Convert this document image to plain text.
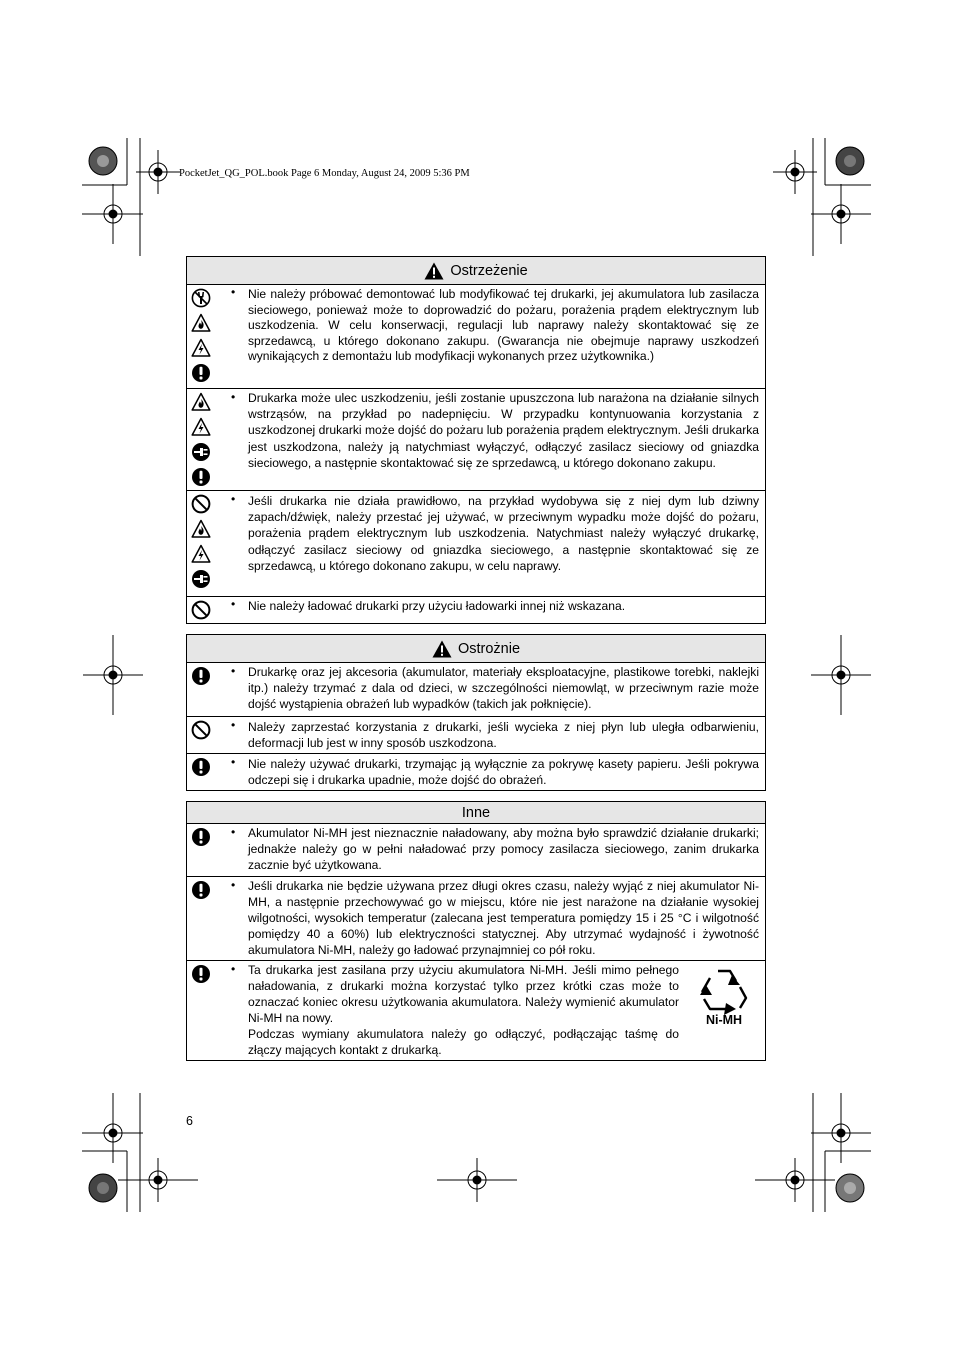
PocketJet_QG_POL.book Page 6 Monday, August 24, 2009 5:36 PM
Ostrzeżenie

• Nie należy próbować demontować lub modyfikować tej drukarki, jej akumulatora lub zasilacza sieciowego, ponieważ może to doprowadzić do pożaru, porażenia prądem elektrycznym lub uszkodzenia. W celu konserwacji, regulacji lub naprawy należy skontaktować się ze sprzedawcą, u którego dokonano zakupu. (Gwarancja nie obejmuje naprawy uszkodzeń wynikających z demontażu lub modyfikacji wykonanych przez użytkownika.)

• Drukarka może ulec uszkodzeniu, jeśli zostanie upuszczona lub narażona na działanie silnych wstrząsów, na przykład po nadepnięciu. W przypadku kontynuowania korzystania z uszkodzonej drukarki może dojść do pożaru lub porażenia prądem elektrycznym. Jeśli drukarka jest uszkodzona, należy ją natychmiast wyłączyć, odłączyć zasilacz sieciowy od gniazdka sieciowego, a następnie skontaktować się ze sprzedawcą, u którego dokonano zakupu.

• Jeśli drukarka nie działa prawidłowo, na przykład wydobywa się z niej dym lub dziwny zapach/dźwięk, należy przestać jej używać, w przeciwnym wypadku może dojść do pożaru, porażenia prądem elektrycznym lub uszkodzenia. Natychmiast należy wyłączyć drukarkę, odłączyć zasilacz sieciowy od gniazdka sieciowego, a następnie skontaktować się ze sprzedawcą, u którego dokonano zakupu, w celu naprawy.

• Nie należy ładować drukarki przy użyciu ładowarki innej niż wskazana.

Ostrożnie

• Drukarkę oraz jej akcesoria (akumulator, materiały eksploatacyjne, plastikowe torebki, naklejki itp.) należy trzymać z dala od dzieci, w szczególności niemowląt, w przeciwnym razie może dojść wystąpienia obrażeń lub wypadków (takich jak połknięcie).

• Należy zaprzestać korzystania z drukarki, jeśli wycieka z niej płyn lub uległa odbarwieniu, deformacji lub jest w inny sposób uszkodzona.

• Nie należy używać drukarki, trzymając ją wyłącznie za pokrywę kasety papieru. Jeśli pokrywa odczepi się i drukarka upadnie, może dojść do obrażeń.

Inne

• Akumulator Ni-MH jest nieznacznie naładowany, aby można było sprawdzić działanie drukarki; jednakże należy go w pełni naładować przy pomocy zasilacza sieciowego, zanim drukarka zacznie być użytkowana.

• Jeśli drukarka nie będzie używana przez długi okres czasu, należy wyjąć z niej akumulator Ni-MH, a następnie przechowywać go w miejscu, które nie jest narażone na działanie wysokiej wilgotności, wysokich temperatur (zalecana jest temperatura pomiędzy 15 i 25 °C i wilgotność pomiędzy 40 a 60%) lub elektryczności statycznej. Aby utrzymać wydajność i żywotność akumulatora Ni-MH, należy go ładować przynajmniej co pół roku.

• Ta drukarka jest zasilana przy użyciu akumulatora Ni-MH. Jeśli mimo pełnego naładowania, z drukarki można korzystać tylko przez krótki czas może to oznaczać koniec okresu użytkowania akumulatora. Należy wymienić akumulator Ni-MH na nowy.

Podczas wymiany akumulatora należy go odłączyć, podłączając taśmę do złączy mających kontakt z drukarką.

Ni-MH
6
